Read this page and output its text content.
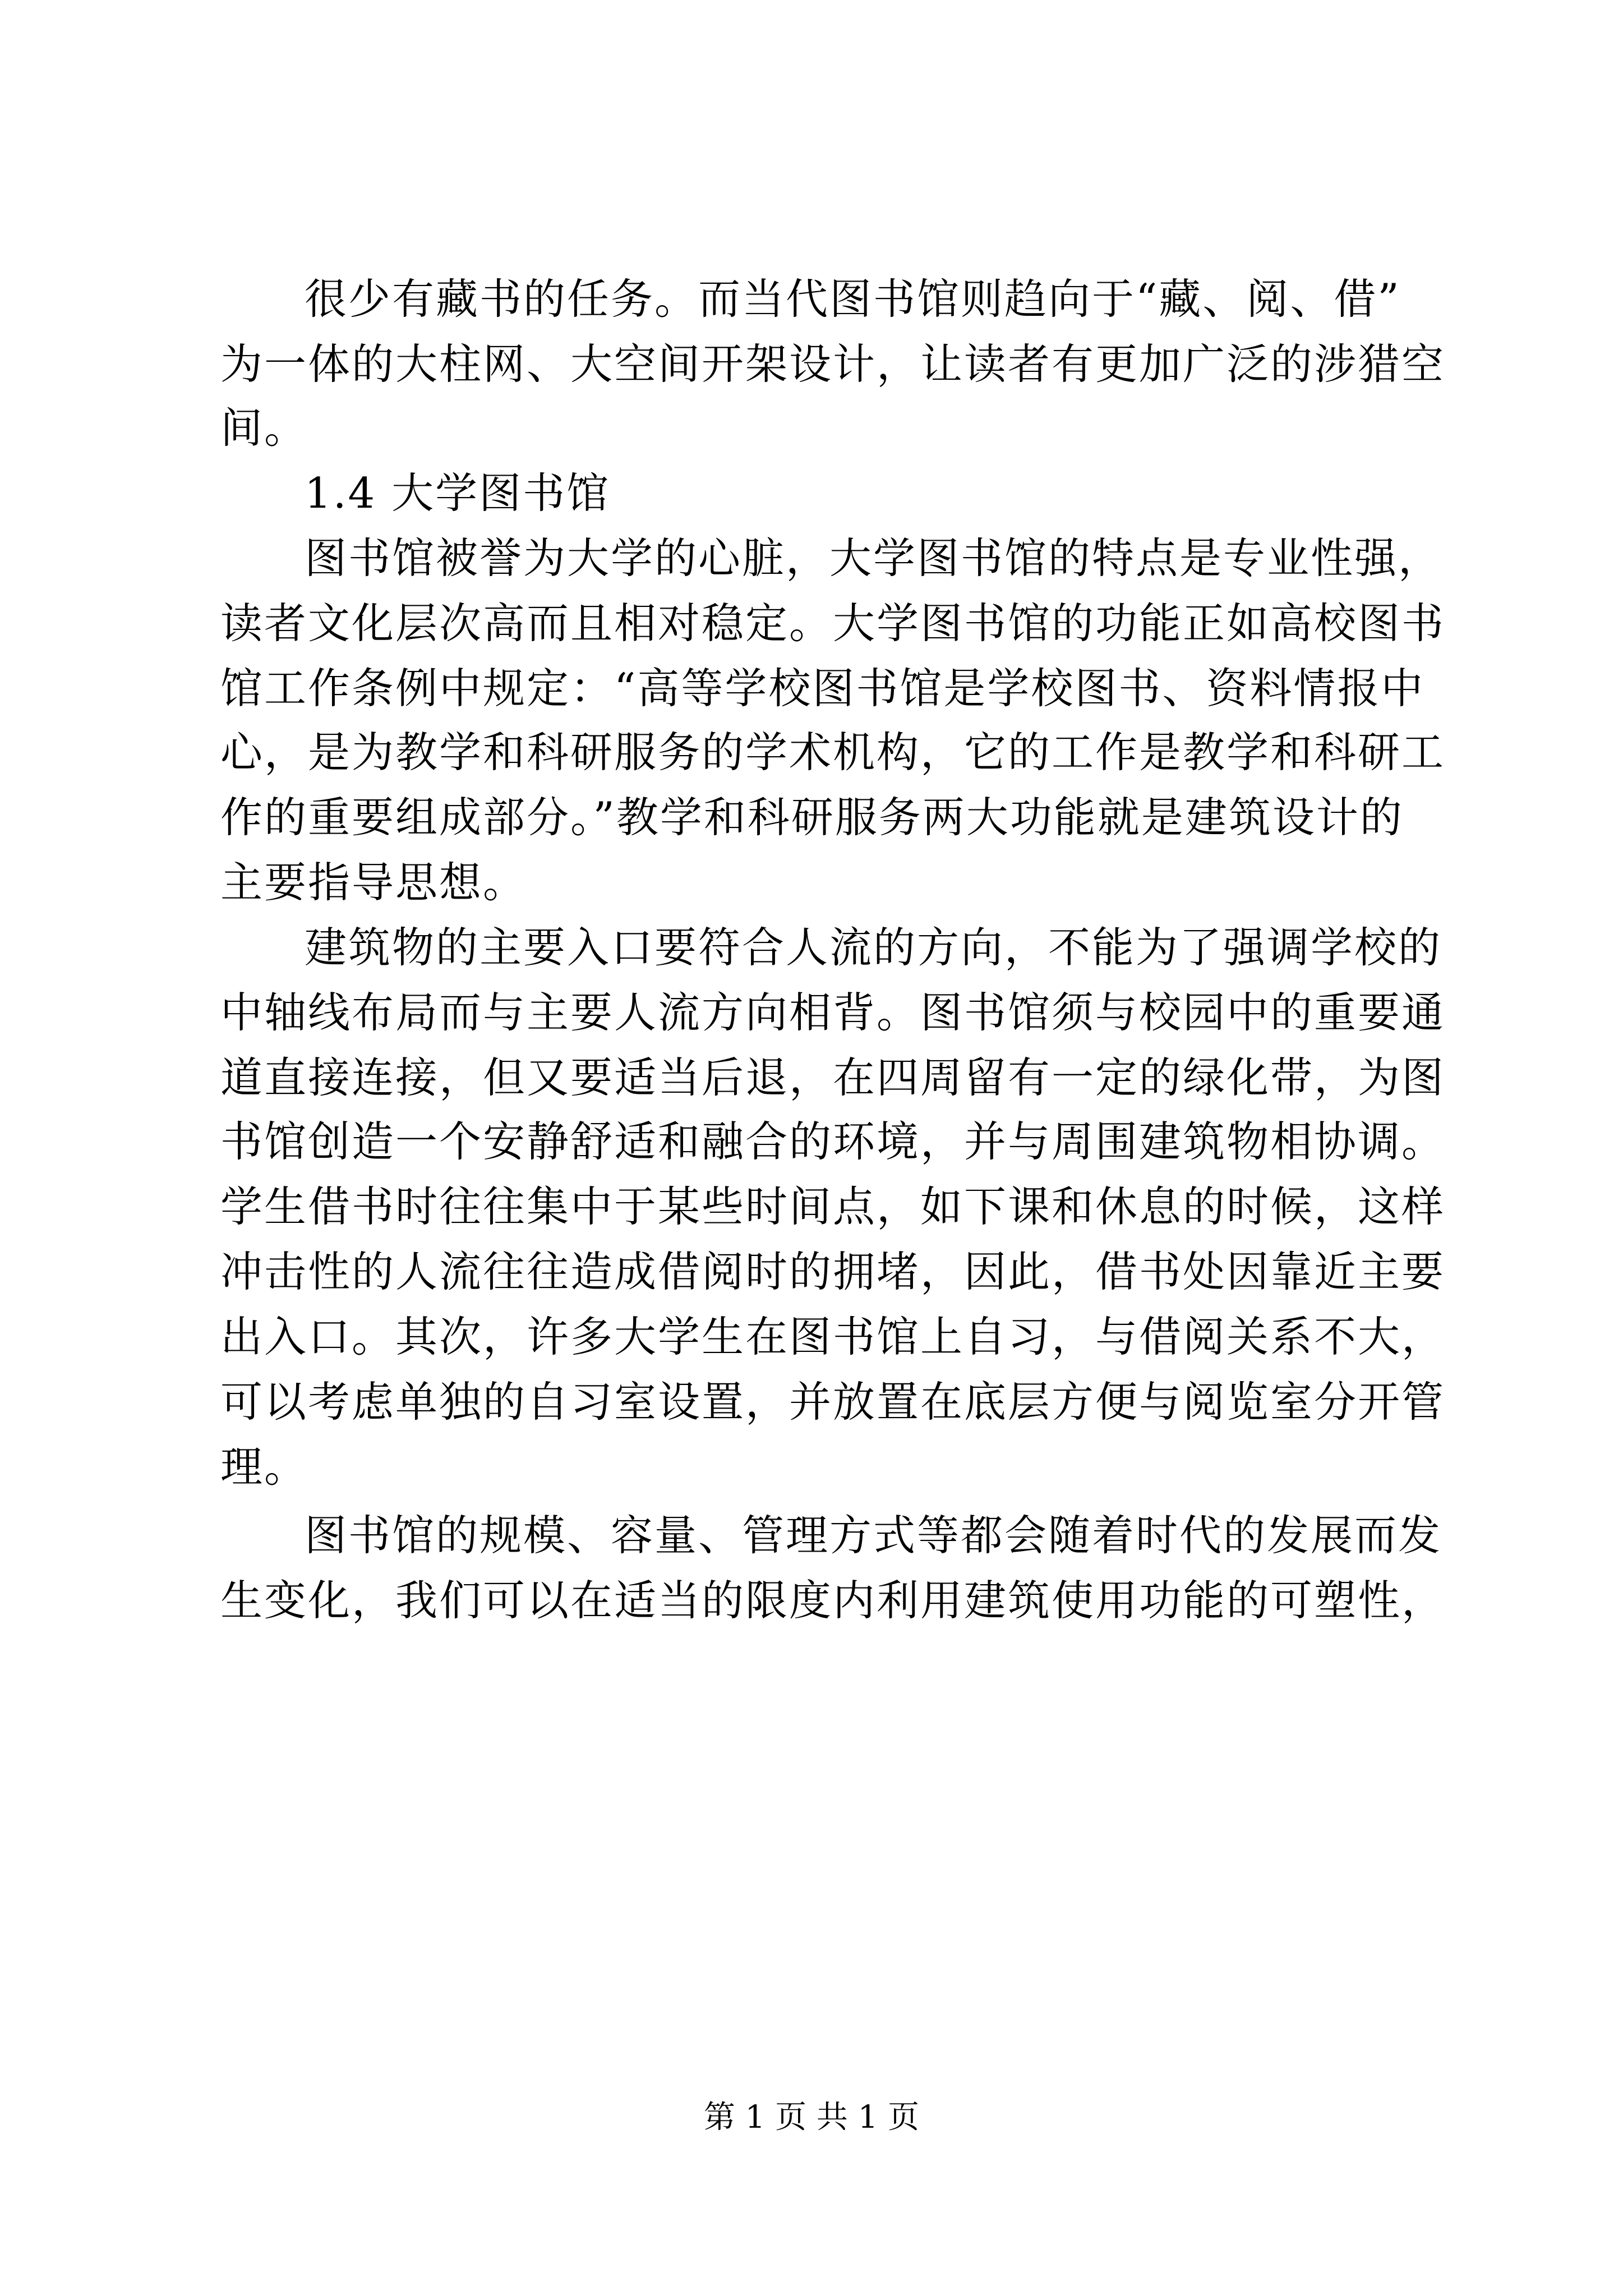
很少有藏书的任务。而当代图书馆则趋向于“藏、阅、借”
为一体的大柱网、大空间开架设计，让读者有更加广泛的涉猎空
间。
1.4 大学图书馆
图书馆被誉为大学的心脏，大学图书馆的特点是专业性强，
读者文化层次高而且相对稳定。大学图书馆的功能正如高校图书
馆工作条例中规定：“高等学校图书馆是学校图书、资料情报中
心，是为教学和科研服务的学术机构，它的工作是教学和科研工
作的重要组成部分。”教学和科研服务两大功能就是建筑设计的
主要指导思想。
建筑物的主要入口要符合人流的方向，不能为了强调学校的
中轴线布局而与主要人流方向相背。图书馆须与校园中的重要通
道直接连接，但又要适当后退，在四周留有一定的绿化带，为图
书馆创造一个安静舒适和融合的环境，并与周围建筑物相协调。
学生借书时往往集中于某些时间点，如下课和休息的时候，这样
冲击性的人流往往造成借阅时的拥堵，因此，借书处因靠近主要
出入口。其次，许多大学生在图书馆上自习，与借阅关系不大，
可以考虑单独的自习室设置，并放置在底层方便与阅览室分开管
理。
图书馆的规模、容量、管理方式等都会随着时代的发展而发
生变化，我们可以在适当的限度内利用建筑使用功能的可塑性，
第 1 页 共 1 页
